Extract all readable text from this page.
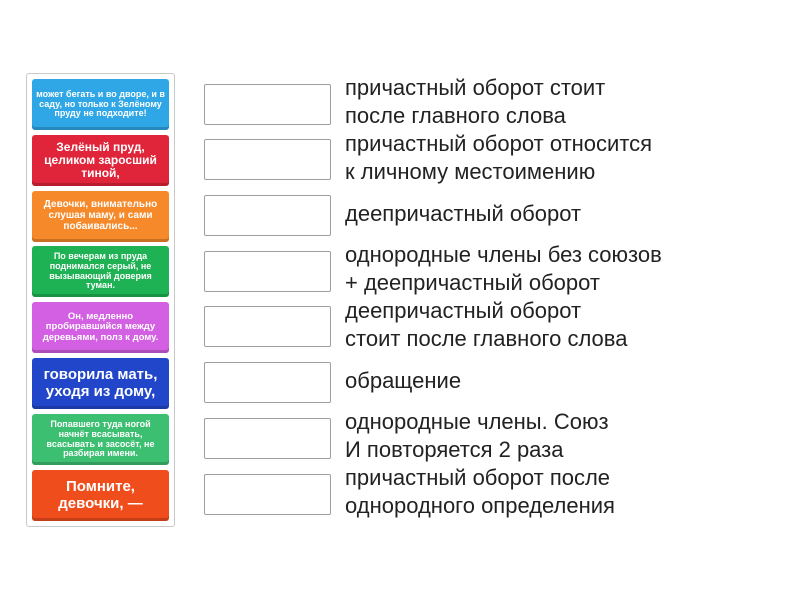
может бегать и во дворе, и в саду, но только к Зелёному пруду не подходите!
Зелёный пруд, целиком заросший тиной,
Девочки, внимательно слушая маму, и сами побаивались...
По вечерам из пруда поднимался серый, не вызывающий доверия туман.
Он, медленно пробиравшийся между деревьями, полз к дому.
говорила мать, уходя из дому,
Попавшего туда ногой начнёт всасывать, всасывать и засосёт, не разбирая имени.
Помните, девочки, —
причастный оборот стоит
после главного слова
причастный оборот относится
к личному местоимению
деепричастный оборот
однородные члены без союзов
+ деепричастный оборот
деепричастный оборот
стоит после главного слова
обращение
однородные члены. Союз
И повторяется 2 раза
причастный оборот после
однородного определения
